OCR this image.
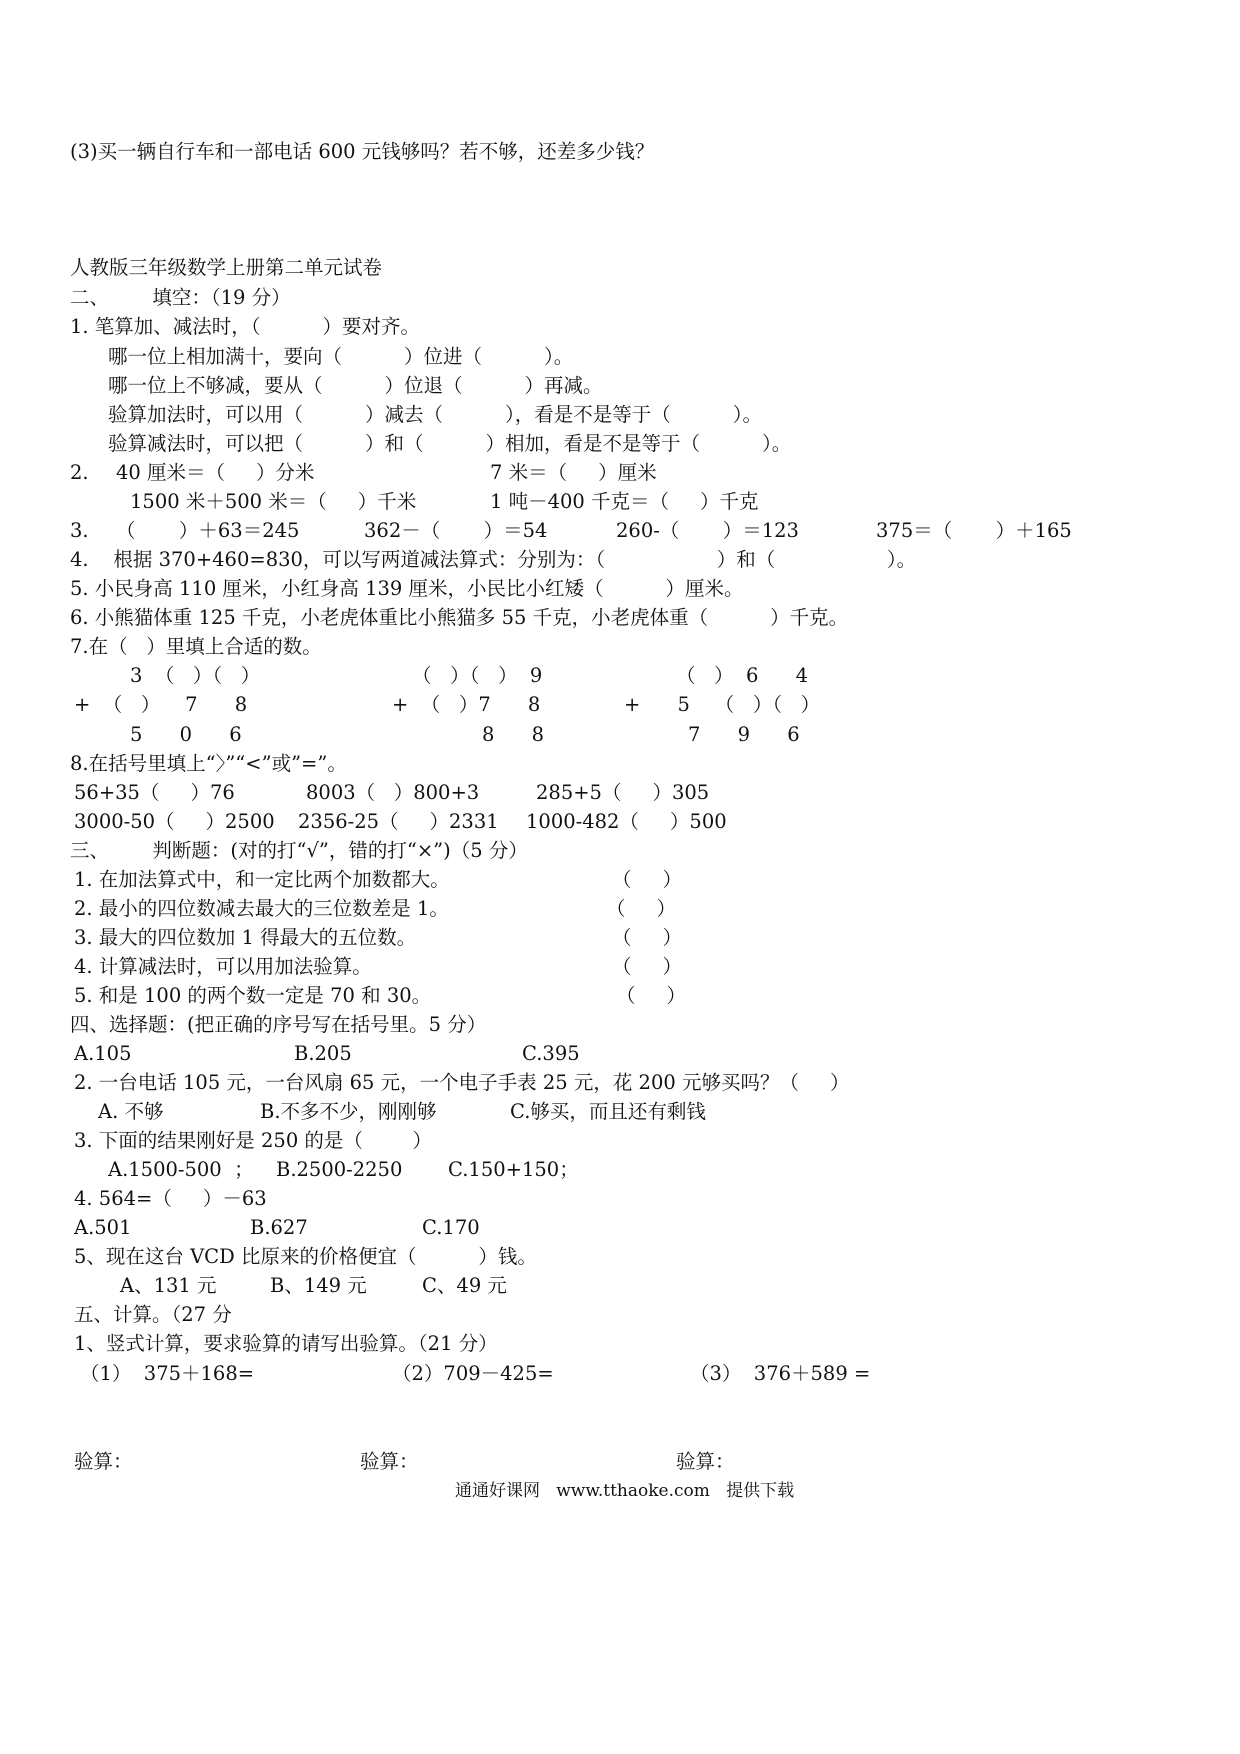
(3)买一辆自行车和一部电话 600 元钱够吗？若不够，还差多少钱？
人教版三年级数学上册第二单元试卷
二、       填空：（19 分）
1. 笔算加、减法时，（          ）要对齐。
哪一位上相加满十，要向（          ）位进（          ）。
哪一位上不够减，要从（          ）位退（          ）再减。
验算加法时，可以用（          ）减去（          ），看是不是等于（          ）。
验算减法时，可以把（          ）和（          ）相加，看是不是等于（          ）。
2. 40 厘米＝（     ）分米	7 米＝（     ）厘米
1500 米＋500 米＝（     ）千米	1 吨－400 千克＝（     ）千克
3. （       ）＋63＝245	362－（       ）＝54	260-（       ）＝123	375＝（       ）＋165
4.    根据 370+460=830，可以写两道减法算式：分别为：（                  ）和（                  ）。
5. 小民身高 110 厘米，小红身高 139 厘米，小民比小红矮（          ）厘米。
6. 小熊猫体重 125 千克，小老虎体重比小熊猫多 55 千克，小老虎体重（          ）千克。
7.在（   ）里填上合适的数。
3  （   ）（   ）
+  （   ）    7      8
5      0      6
（   ）（   ）  9
+  （   ）7      8
8      8
（   ）  6      4
+      5    （   ）（   ）
7      9      6
8.在括号里填上“〉”“<”或”=”。
56+35（     ）76	8003（   ）800+3	285+5（     ）305
3000-50（     ）2500 2356-25（     ）2331 1000-482（     ）500
三、       判断题：(对的打“√”，错的打“×”)（5 分）
1. 在加法算式中，和一定比两个加数都大。	（     ）
2. 最小的四位数减去最大的三位数差是 1。	（     ）
3. 最大的四位数加 1 得最大的五位数。	（     ）
4. 计算减法时，可以用加法验算。	（     ）
5. 和是 100 的两个数一定是 70 和 30。	（     ）
四、选择题：(把正确的序号写在括号里。5 分）
A.105	B.205	C.395
2. 一台电话 105 元，一台风扇 65 元，一个电子手表 25 元，花 200 元够买吗？（     ）
A. 不够	B.不多不少，刚刚够	C.够买，而且还有剩钱
3. 下面的结果刚好是 250 的是（        ）
A.1500-500  ； B.2500-2250 C.150+150；
4. 564=（     ）－63
A.501	B.627	C.170
5、现在这台 VCD 比原来的价格便宜（          ）钱。
A、131 元	B、149 元	C、49 元
五、计算。（27 分
1、竖式计算，要求验算的请写出验算。（21 分）
（1）  375＋168=	（2）709－425=	（3）  376＋589 =
验算：	验算：	验算：
通通好课网   www.tthaoke.com   提供下载
